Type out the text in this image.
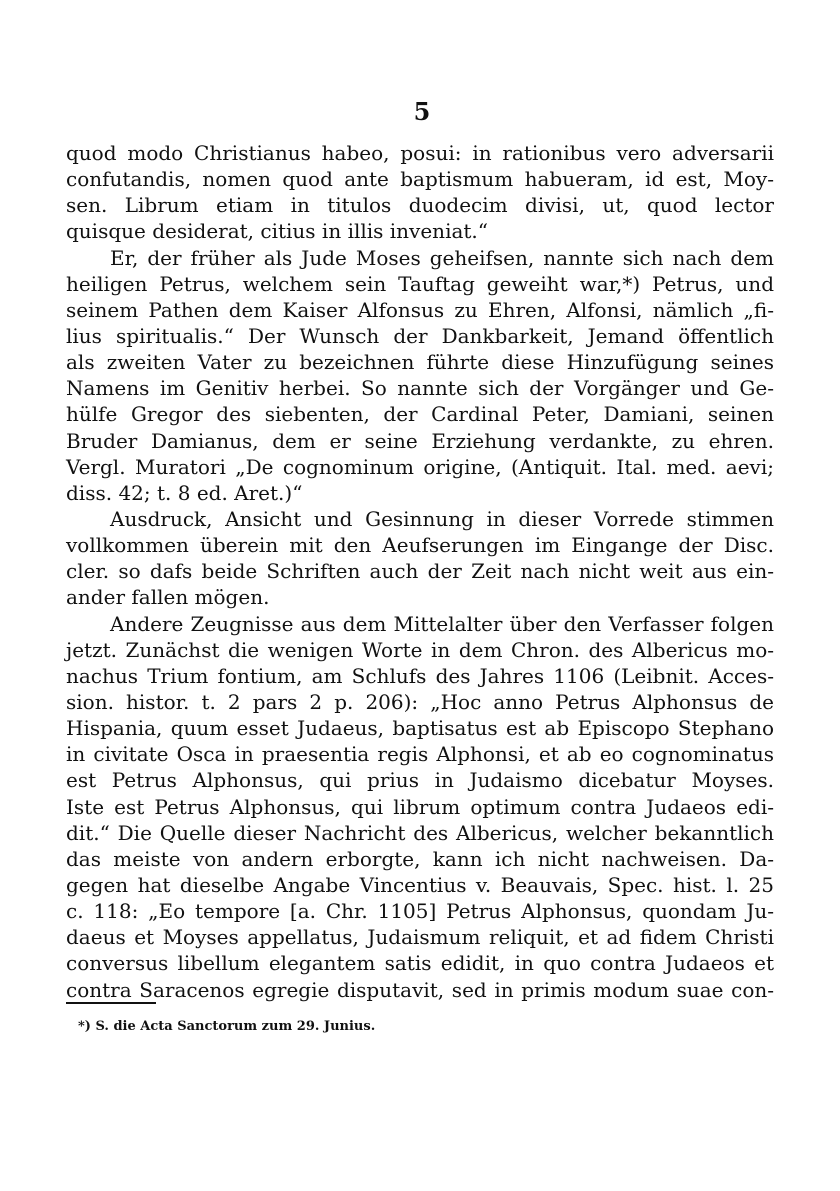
5
quod modo Christianus habeo, posui: in rationibus vero adversarii
confutandis, nomen quod ante baptismum habueram, id est, Moy-
sen. Librum etiam in titulos duodecim divisi, ut, quod lector
quisque desiderat, citius in illis inveniat.“
Er, der früher als Jude Moses geheifsen, nannte sich nach dem
heiligen Petrus, welchem sein Tauftag geweiht war,*) Petrus, und
seinem Pathen dem Kaiser Alfonsus zu Ehren, Alfonsi, nämlich „fi-
lius spiritualis.“ Der Wunsch der Dankbarkeit, Jemand öffentlich
als zweiten Vater zu bezeichnen führte diese Hinzufügung seines
Namens im Genitiv herbei. So nannte sich der Vorgänger und Ge-
hülfe Gregor des siebenten, der Cardinal Peter, Damiani, seinen
Bruder Damianus, dem er seine Erziehung verdankte, zu ehren.
Vergl. Muratori „De cognominum origine, (Antiquit. Ital. med. aevi;
diss. 42; t. 8 ed. Aret.)“
Ausdruck, Ansicht und Gesinnung in dieser Vorrede stimmen
vollkommen überein mit den Aeufserungen im Eingange der Disc.
cler. so dafs beide Schriften auch der Zeit nach nicht weit aus ein-
ander fallen mögen.
Andere Zeugnisse aus dem Mittelalter über den Verfasser folgen
jetzt. Zunächst die wenigen Worte in dem Chron. des Albericus mo-
nachus Trium fontium, am Schlufs des Jahres 1106 (Leibnit. Acces-
sion. histor. t. 2 pars 2 p. 206): „Hoc anno Petrus Alphonsus de
Hispania, quum esset Judaeus, baptisatus est ab Episcopo Stephano
in civitate Osca in praesentia regis Alphonsi, et ab eo cognominatus
est Petrus Alphonsus, qui prius in Judaismo dicebatur Moyses.
Iste est Petrus Alphonsus, qui librum optimum contra Judaeos edi-
dit.“ Die Quelle dieser Nachricht des Albericus, welcher bekanntlich
das meiste von andern erborgte, kann ich nicht nachweisen. Da-
gegen hat dieselbe Angabe Vincentius v. Beauvais, Spec. hist. l. 25
c. 118: „Eo tempore [a. Chr. 1105] Petrus Alphonsus, quondam Ju-
daeus et Moyses appellatus, Judaismum reliquit, et ad fidem Christi
conversus libellum elegantem satis edidit, in quo contra Judaeos et
contra Saracenos egregie disputavit, sed in primis modum suae con-
*) S. die Acta Sanctorum zum 29. Junius.
